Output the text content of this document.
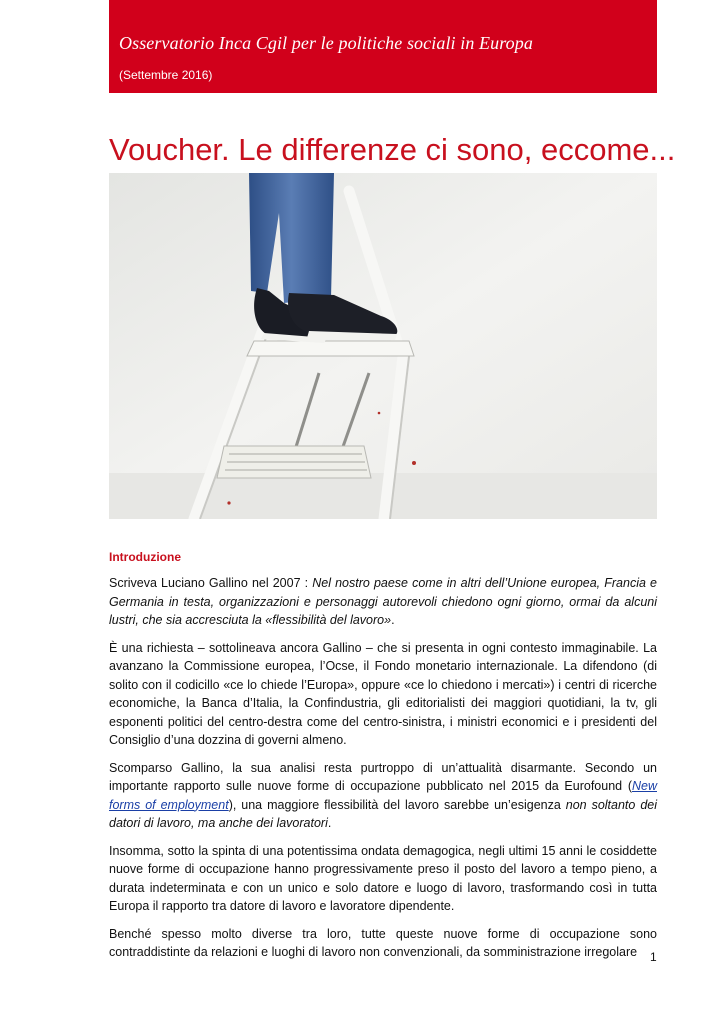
Osservatorio Inca Cgil per le politiche sociali in Europa
(Settembre 2016)
Voucher. Le differenze ci sono, eccome...
Introduzione

Scriveva Luciano Gallino nel 2007 : Nel nostro paese come in altri dell’Unione europea, Francia e Germania in testa, organizzazioni e personaggi autorevoli chiedono ogni giorno, ormai da alcuni lustri, che sia accresciuta la «flessibilità del lavoro».

È una richiesta – sottolineava ancora Gallino – che si presenta in ogni contesto immaginabile. La avanzano la Commissione europea, l’Ocse, il Fondo monetario internazionale. La difendono (di solito con il codicillo «ce lo chiede l’Europa», oppure «ce lo chiedono i mercati») i centri di ricerche economiche, la Banca d’Italia, la Confindustria, gli editorialisti dei maggiori quotidiani, la tv, gli esponenti politici del centro-destra come del centro-sinistra, i ministri economici e i presidenti del Consiglio d’una dozzina di governi almeno.

Scomparso Gallino, la sua analisi resta purtroppo di un’attualità disarmante. Secondo un importante rapporto sulle nuove forme di occupazione pubblicato nel 2015 da Eurofound (New forms of employment), una maggiore flessibilità del lavoro sarebbe un’esigenza non soltanto dei datori di lavoro, ma anche dei lavoratori.

Insomma, sotto la spinta di una potentissima ondata demagogica, negli ultimi 15 anni le cosiddette nuove forme di occupazione hanno progressivamente preso il posto del lavoro a tempo pieno, a durata indeterminata e con un unico e solo datore e luogo di lavoro, trasformando così in tutta Europa il rapporto tra datore di lavoro e lavoratore dipendente.

Benché spesso molto diverse tra loro, tutte queste nuove forme di occupazione sono contraddistinte da relazioni e luoghi di lavoro non convenzionali, da somministrazione irregolare	1
